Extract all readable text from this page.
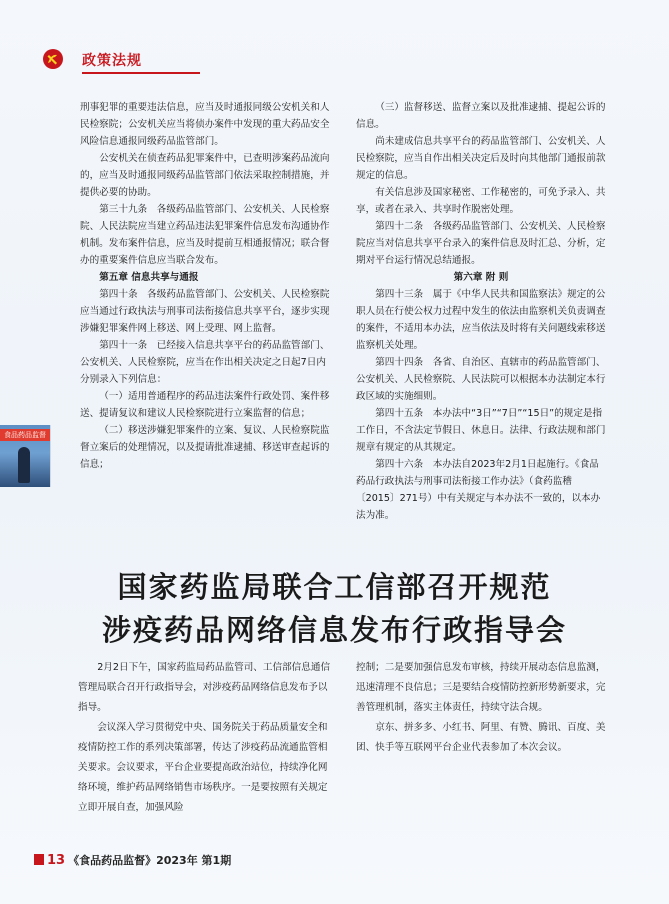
政策法规

刑事犯罪的重要违法信息，应当及时通报同级公安机关和人民检察院；公安机关应当将侦办案件中发现的重大药品安全风险信息通报同级药品监管部门。

公安机关在侦查药品犯罪案件中，已查明涉案药品流向的，应当及时通报同级药品监管部门依法采取控制措施，并提供必要的协助。

第三十九条　各级药品监管部门、公安机关、人民检察院、人民法院应当建立药品违法犯罪案件信息发布沟通协作机制。发布案件信息，应当及时提前互相通报情况；联合督办的重要案件信息应当联合发布。

第五章 信息共享与通报

第四十条　各级药品监管部门、公安机关、人民检察院应当通过行政执法与刑事司法衔接信息共享平台，逐步实现涉嫌犯罪案件网上移送、网上受理、网上监督。

第四十一条　已经接入信息共享平台的药品监管部门、公安机关、人民检察院，应当在作出相关决定之日起7日内分别录入下列信息：

（一）适用普通程序的药品违法案件行政处罚、案件移送、提请复议和建议人民检察院进行立案监督的信息；

（二）移送涉嫌犯罪案件的立案、复议、人民检察院监督立案后的处理情况，以及提请批准逮捕、移送审查起诉的信息；

（三）监督移送、监督立案以及批准逮捕、提起公诉的信息。

尚未建成信息共享平台的药品监管部门、公安机关、人民检察院，应当自作出相关决定后及时向其他部门通报前款规定的信息。

有关信息涉及国家秘密、工作秘密的，可免予录入、共享，或者在录入、共享时作脱密处理。

第四十二条　各级药品监管部门、公安机关、人民检察院应当对信息共享平台录入的案件信息及时汇总、分析，定期对平台运行情况总结通报。

第六章 附 则

第四十三条　属于《中华人民共和国监察法》规定的公职人员在行使公权力过程中发生的依法由监察机关负责调查的案件，不适用本办法，应当依法及时将有关问题线索移送监察机关处理。

第四十四条　各省、自治区、直辖市的药品监管部门、公安机关、人民检察院、人民法院可以根据本办法制定本行政区域的实施细则。

第四十五条　本办法中“3日”“7日”“15日”的规定是指工作日，不含法定节假日、休息日。法律、行政法规和部门规章有规定的从其规定。

第四十六条　本办法自2023年2月1日起施行。《食品药品行政执法与刑事司法衔接工作办法》（食药监稽〔2015〕271号）中有关规定与本办法不一致的，以本办法为准。

食品药品监督
国家药监局联合工信部召开规范
涉疫药品网络信息发布行政指导会

2月2日下午，国家药监局药品监管司、工信部信息通信管理局联合召开行政指导会，对涉疫药品网络信息发布予以指导。

会议深入学习贯彻党中央、国务院关于药品质量安全和疫情防控工作的系列决策部署，传达了涉疫药品流通监管相关要求。会议要求，平台企业要提高政治站位，持续净化网络环境，维护药品网络销售市场秩序。一是要按照有关规定立即开展自查，加强风险

控制；二是要加强信息发布审核，持续开展动态信息监测，迅速清理不良信息；三是要结合疫情防控新形势新要求，完善管理机制，落实主体责任，持续守法合规。

京东、拼多多、小红书、阿里、有赞、腾讯、百度、美团、快手等互联网平台企业代表参加了本次会议。

13 《食品药品监督》2023年 第1期
